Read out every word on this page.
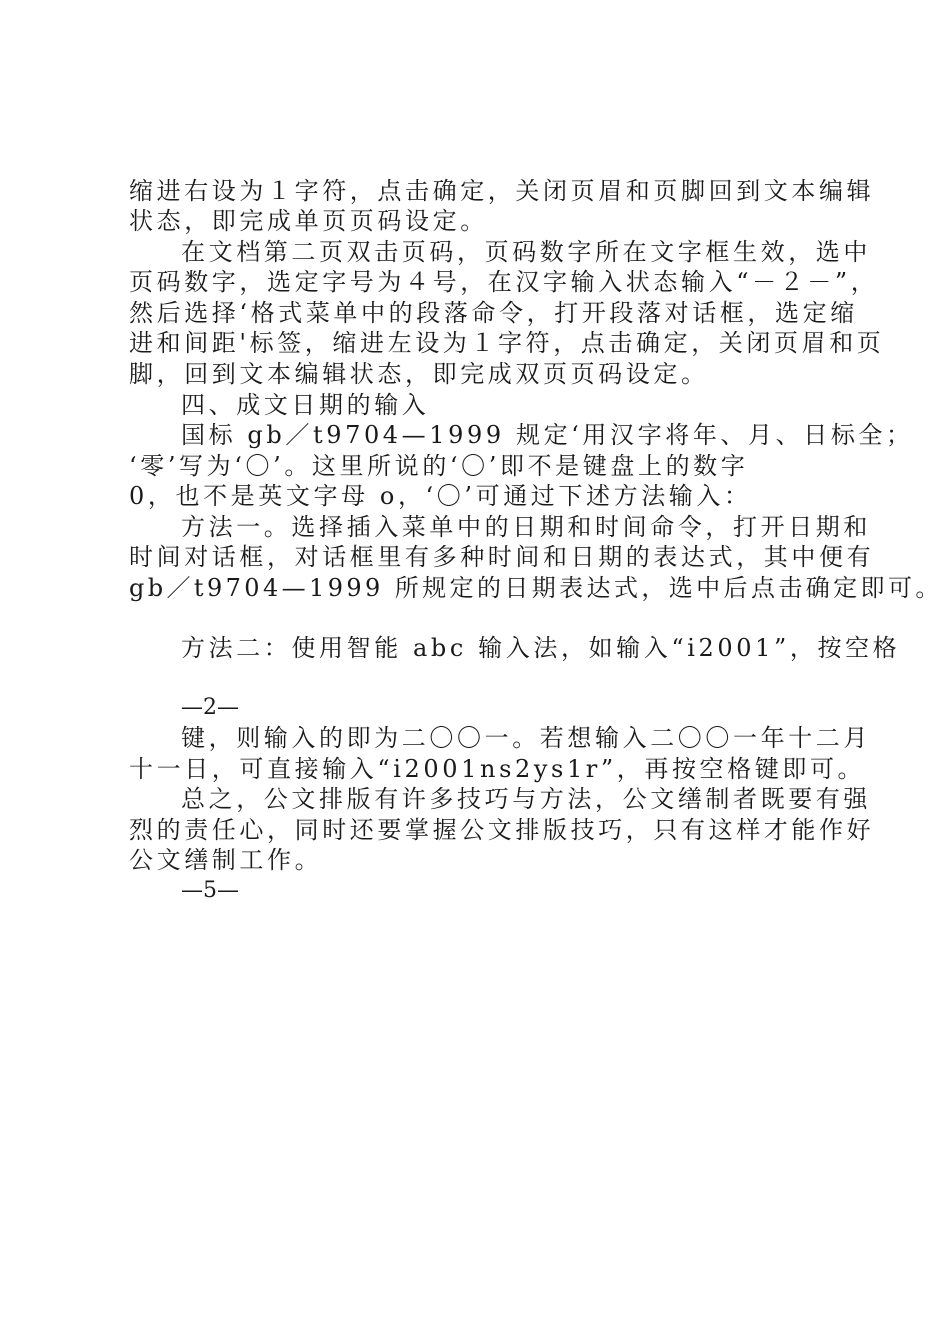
缩进右设为１字符，点击确定，关闭页眉和页脚回到文本编辑
状态，即完成单页页码设定。
在文档第二页双击页码，页码数字所在文字框生效，选中
页码数字，选定字号为４号，在汉字输入状态输入“－２－”，
然后选择‘格式菜单中的段落命令，打开段落对话框，选定缩
进和间距'标签，缩进左设为１字符，点击确定，关闭页眉和页
脚，回到文本编辑状态，即完成双页页码设定。
四、成文日期的输入
国标 gb／t9704—1999 规定‘用汉字将年、月、日标全；
‘零’写为‘〇’。这里所说的‘〇’即不是键盘上的数字
0，也不是英文字母 o，‘〇’可通过下述方法输入：
方法一。选择插入菜单中的日期和时间命令，打开日期和
时间对话框，对话框里有多种时间和日期的表达式，其中便有
gb／t9704—1999 所规定的日期表达式，选中后点击确定即可。
方法二：使用智能 abc 输入法，如输入“i2001”，按空格
—2—
键，则输入的即为二〇〇一。若想输入二〇〇一年十二月
十一日，可直接输入“i2001ns2ys1r”，再按空格键即可。
总之，公文排版有许多技巧与方法，公文缮制者既要有强
烈的责任心，同时还要掌握公文排版技巧，只有这样才能作好
公文缮制工作。
—5—
